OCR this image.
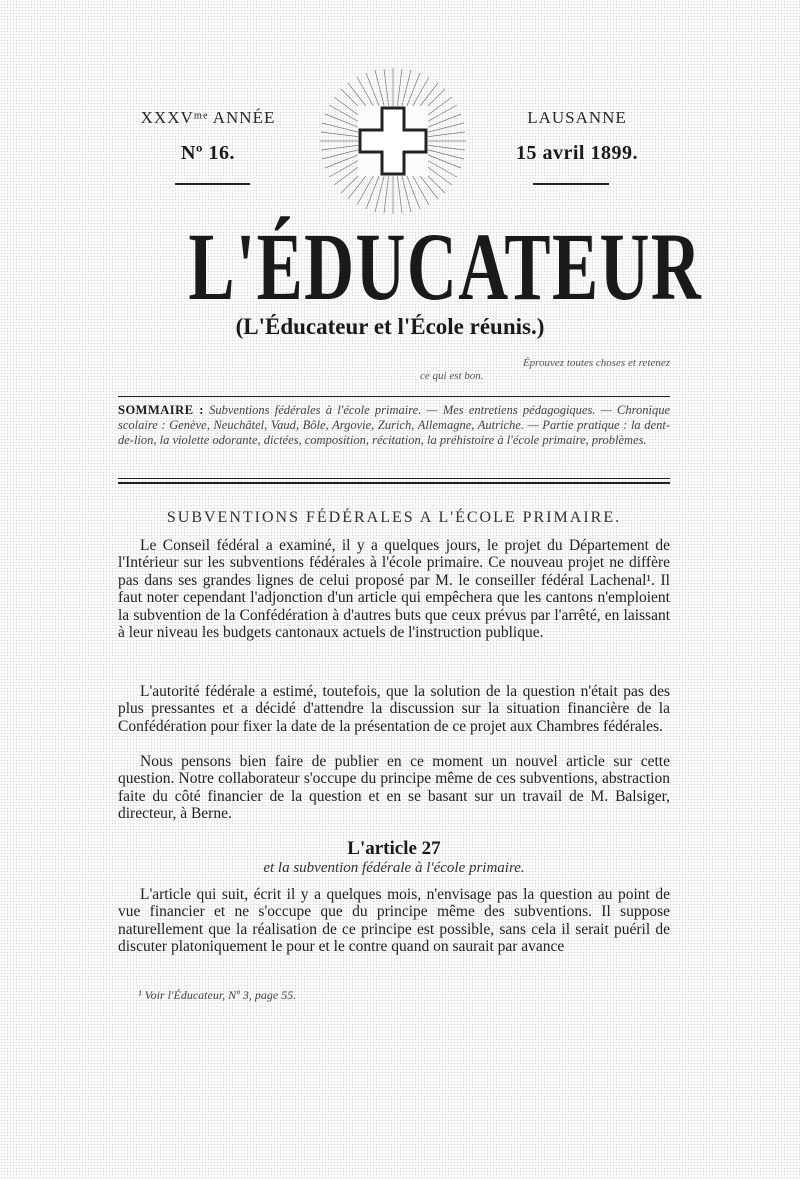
XXXVᵐᵉ ANNÉE
Nº 16.
LAUSANNE
15 avril 1899.
L'ÉDUCATEUR
(L'Éducateur et l'École réunis.)
Éprouvez toutes choses et retenez
ce qui est bon.
SOMMAIRE : Subventions fédérales à l'école primaire. — Mes entretiens pédagogiques. — Chronique scolaire : Genève, Neuchâtel, Vaud, Bôle, Argovie, Zurich, Allemagne, Autriche. — Partie pratique : la dent-de-lion, la violette odorante, dictées, composition, récitation, la préhistoire à l'école primaire, problèmes.
SUBVENTIONS FÉDÉRALES A L'ÉCOLE PRIMAIRE.
Le Conseil fédéral a examiné, il y a quelques jours, le projet du Département de l'Intérieur sur les subventions fédérales à l'école primaire. Ce nouveau projet ne diffère pas dans ses grandes lignes de celui proposé par M. le conseiller fédéral Lachenal¹. Il faut noter cependant l'adjonction d'un article qui empêchera que les cantons n'emploient la subvention de la Confédération à d'autres buts que ceux prévus par l'arrêté, en laissant à leur niveau les budgets cantonaux actuels de l'instruction publique.
L'autorité fédérale a estimé, toutefois, que la solution de la question n'était pas des plus pressantes et a décidé d'attendre la discussion sur la situation financière de la Confédération pour fixer la date de la présentation de ce projet aux Chambres fédérales.
Nous pensons bien faire de publier en ce moment un nouvel article sur cette question. Notre collaborateur s'occupe du principe même de ces subventions, abstraction faite du côté financier de la question et en se basant sur un travail de M. Balsiger, directeur, à Berne.
L'article 27
et la subvention fédérale à l'école primaire.
L'article qui suit, écrit il y a quelques mois, n'envisage pas la question au point de vue financier et ne s'occupe que du principe même des subventions. Il suppose naturellement que la réalisation de ce principe est possible, sans cela il serait puéril de discuter platoniquement le pour et le contre quand on saurait par avance
¹ Voir l'Éducateur, Nº 3, page 55.
